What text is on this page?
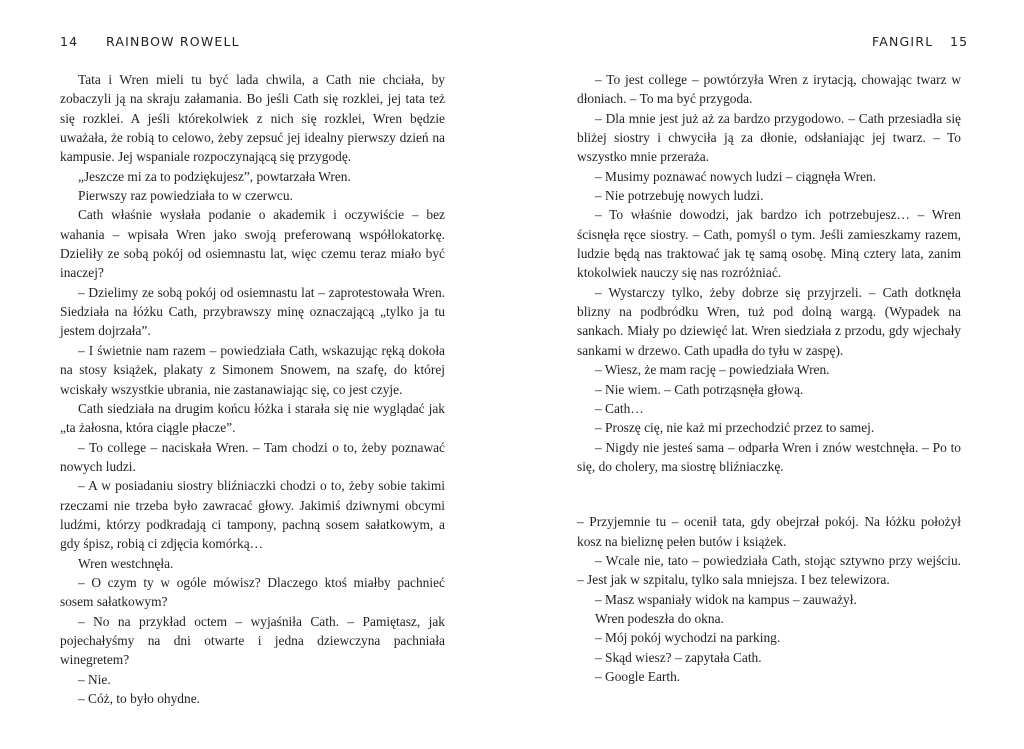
14 RAINBOW ROWELL

Tata i Wren mieli tu być lada chwila, a Cath nie chciała, by zobaczyli ją na skraju załamania. Bo jeśli Cath się rozklei, jej tata też się rozklei. A jeśli którekolwiek z nich się rozklei, Wren będzie uważała, że robią to celowo, żeby zepsuć jej idealny pierwszy dzień na kampusie. Jej wspaniale rozpoczynającą się przygodę.

„Jeszcze mi za to podziękujesz”, powtarzała Wren.

Pierwszy raz powiedziała to w czerwcu.

Cath właśnie wysłała podanie o akademik i oczywiście – bez wahania – wpisała Wren jako swoją preferowaną współlokatorkę. Dzieliły ze sobą pokój od osiemnastu lat, więc czemu teraz miało być inaczej?

– Dzielimy ze sobą pokój od osiemnastu lat – zaprotestowała Wren. Siedziała na łóżku Cath, przybrawszy minę oznaczającą „tylko ja tu jestem dojrzała”.

– I świetnie nam razem – powiedziała Cath, wskazując ręką dokoła na stosy książek, plakaty z Simonem Snowem, na szafę, do której wciskały wszystkie ubrania, nie zastanawiając się, co jest czyje.

Cath siedziała na drugim końcu łóżka i starała się nie wyglądać jak „ta żałosna, która ciągle płacze”.

– To college – naciskała Wren. – Tam chodzi o to, żeby poznawać nowych ludzi.

– A w posiadaniu siostry bliźniaczki chodzi o to, żeby sobie takimi rzeczami nie trzeba było zawracać głowy. Jakimiś dziwnymi obcymi ludźmi, którzy podkradają ci tampony, pachną sosem sałatkowym, a gdy śpisz, robią ci zdjęcia komórką…

Wren westchnęła.

– O czym ty w ogóle mówisz? Dlaczego ktoś miałby pachnieć sosem sałatkowym?

– No na przykład octem – wyjaśniła Cath. – Pamiętasz, jak pojechałyśmy na dni otwarte i jedna dziewczyna pachniała winegretem?

– Nie.

– Cóż, to było ohydne.

FANGIRL 15

– To jest college – powtórzyła Wren z irytacją, chowając twarz w dłoniach. – To ma być przygoda.

– Dla mnie jest już aż za bardzo przygodowo. – Cath przesiadła się bliżej siostry i chwyciła ją za dłonie, odsłaniając jej twarz. – To wszystko mnie przeraża.

– Musimy poznawać nowych ludzi – ciągnęła Wren.

– Nie potrzebuję nowych ludzi.

– To właśnie dowodzi, jak bardzo ich potrzebujesz… – Wren ścisnęła ręce siostry. – Cath, pomyśl o tym. Jeśli zamieszkamy razem, ludzie będą nas traktować jak tę samą osobę. Miną cztery lata, zanim ktokolwiek nauczy się nas rozróżniać.

– Wystarczy tylko, żeby dobrze się przyjrzeli. – Cath dotknęła blizny na podbródku Wren, tuż pod dolną wargą. (Wypadek na sankach. Miały po dziewięć lat. Wren siedziała z przodu, gdy wjechały sankami w drzewo. Cath upadła do tyłu w zaspę).

– Wiesz, że mam rację – powiedziała Wren.

– Nie wiem. – Cath potrząsnęła głową.

– Cath…

– Proszę cię, nie każ mi przechodzić przez to samej.

– Nigdy nie jesteś sama – odparła Wren i znów westchnęła. – Po to się, do cholery, ma siostrę bliźniaczkę.

– Przyjemnie tu – ocenił tata, gdy obejrzał pokój. Na łóżku położył kosz na bieliznę pełen butów i książek.

– Wcale nie, tato – powiedziała Cath, stojąc sztywno przy wejściu. – Jest jak w szpitalu, tylko sala mniejsza. I bez telewizora.

– Masz wspaniały widok na kampus – zauważył.

Wren podeszła do okna.

– Mój pokój wychodzi na parking.

– Skąd wiesz? – zapytała Cath.

– Google Earth.
